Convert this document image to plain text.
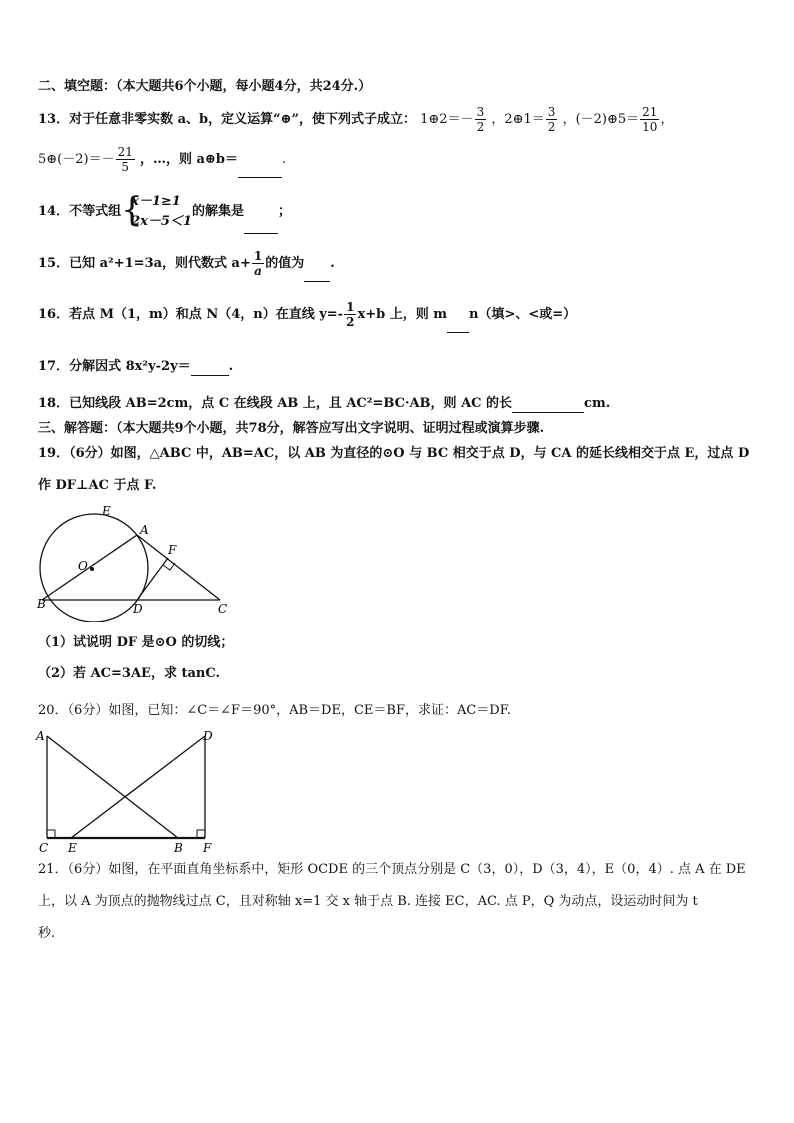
二、填空题：（本大题共6个小题，每小题4分，共24分.）
13．对于任意非零实数 a、b，定义运算“⊕”，使下列式子成立： 1⊕2＝－ $\frac{3}{2}$ ，2⊕1＝ $\frac{3}{2}$ ，(－2)⊕5＝ $\frac{21}{10}$ ，
5⊕(－2)＝－ $\frac{21}{5}$ ，…，则 a⊕b＝	.
14．不等式组 {
x－1≥1
2x－5＜1
的解集是	；
15．已知 a²+1=3a，则代数式 $a+ \frac{1}{a}$ 的值为 .
16．若点 M（1，m）和点 N（4，n）在直线 $y=- \frac{1}{2} x+b$ 上，则 m n（填>、<或=）
17．分解因式 8x²y-2y＝	.
18．已知线段 AB=2cm，点 C 在线段 AB 上，且 AC²=BC·AB，则 AC 的长	cm.
三、解答题：（本大题共9个小题，共78分，解答应写出文字说明、证明过程或演算步骤.
19．（6分）如图，△ABC 中，AB=AC，以 AB 为直径的⊙O 与 BC 相交于点 D，与 CA 的延长线相交于点 E，过点 D
作 DF⊥AC 于点 F.
E
A
F
O
B	D	C
（1）试说明 DF 是⊙O 的切线；
（2）若 AC=3AE，求 tanC.
20．（6分）如图，已知：∠C＝∠F＝90°，AB＝DE，CE＝BF，求证：AC＝DF.
A	D
C E	B F
21．（6分）如图，在平面直角坐标系中，矩形 OCDE 的三个顶点分别是 C（3，0），D（3，4），E（0，4）. 点 A 在 DE
上，以 A 为顶点的抛物线过点 C，且对称轴 x=1 交 x 轴于点 B. 连接 EC，AC. 点 P，Q 为动点，设运动时间为 t
秒.
